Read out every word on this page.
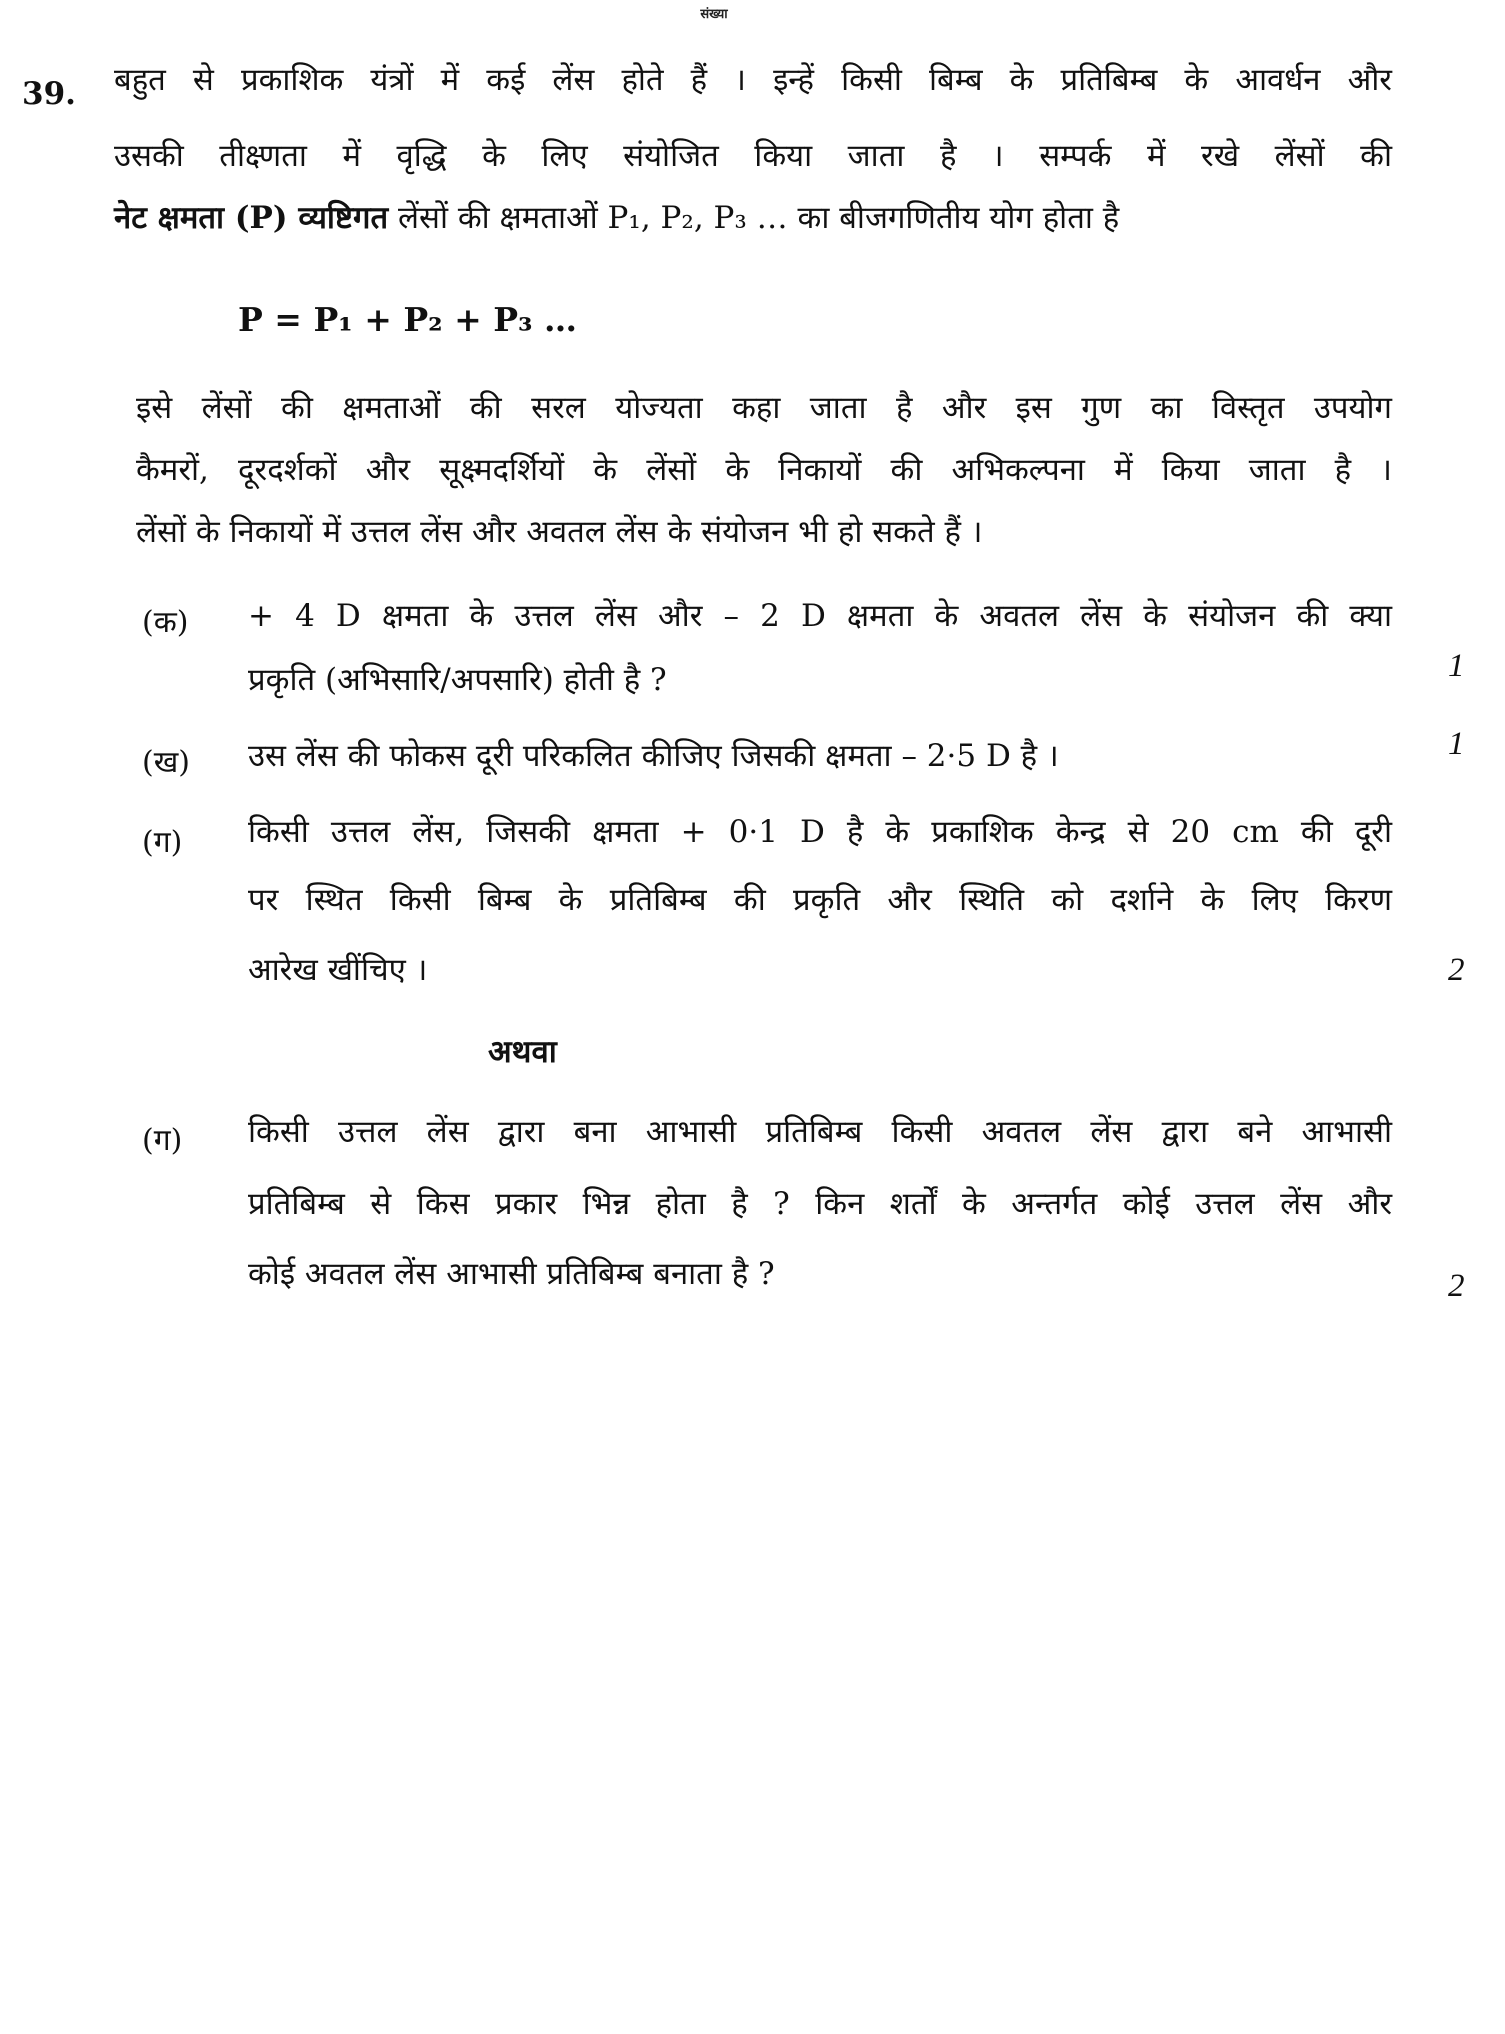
संख्या
39. बहुत से प्रकाशिक यंत्रों में कई लेंस होते हैं । इन्हें किसी बिम्ब के प्रतिबिम्ब के आवर्धन और
उसकी तीक्ष्णता में वृद्धि के लिए संयोजित किया जाता है । सम्पर्क में रखे लेंसों की
नेट क्षमता (P) व्यष्टिगत लेंसों की क्षमताओं P₁, P₂, P₃ … का बीजगणितीय योग होता है
P = P₁ + P₂ + P₃ …
इसे लेंसों की क्षमताओं की सरल योज्यता कहा जाता है और इस गुण का विस्तृत उपयोग
कैमरों, दूरदर्शकों और सूक्ष्मदर्शियों के लेंसों के निकायों की अभिकल्पना में किया जाता है ।
लेंसों के निकायों में उत्तल लेंस और अवतल लेंस के संयोजन भी हो सकते हैं ।
(क) + 4 D क्षमता के उत्तल लेंस और – 2 D क्षमता के अवतल लेंस के संयोजन की क्या
प्रकृति (अभिसारि/अपसारि) होती है ?	1
(ख) उस लेंस की फोकस दूरी परिकलित कीजिए जिसकी क्षमता – 2·5 D है ।	1
(ग) किसी उत्तल लेंस, जिसकी क्षमता + 0·1 D है के प्रकाशिक केन्द्र से 20 cm की दूरी
पर स्थित किसी बिम्ब के प्रतिबिम्ब की प्रकृति और स्थिति को दर्शाने के लिए किरण
आरेख खींचिए ।	2
अथवा
(ग) किसी उत्तल लेंस द्वारा बना आभासी प्रतिबिम्ब किसी अवतल लेंस द्वारा बने आभासी
प्रतिबिम्ब से किस प्रकार भिन्न होता है ? किन शर्तों के अन्तर्गत कोई उत्तल लेंस और
कोई अवतल लेंस आभासी प्रतिबिम्ब बनाता है ?	2
